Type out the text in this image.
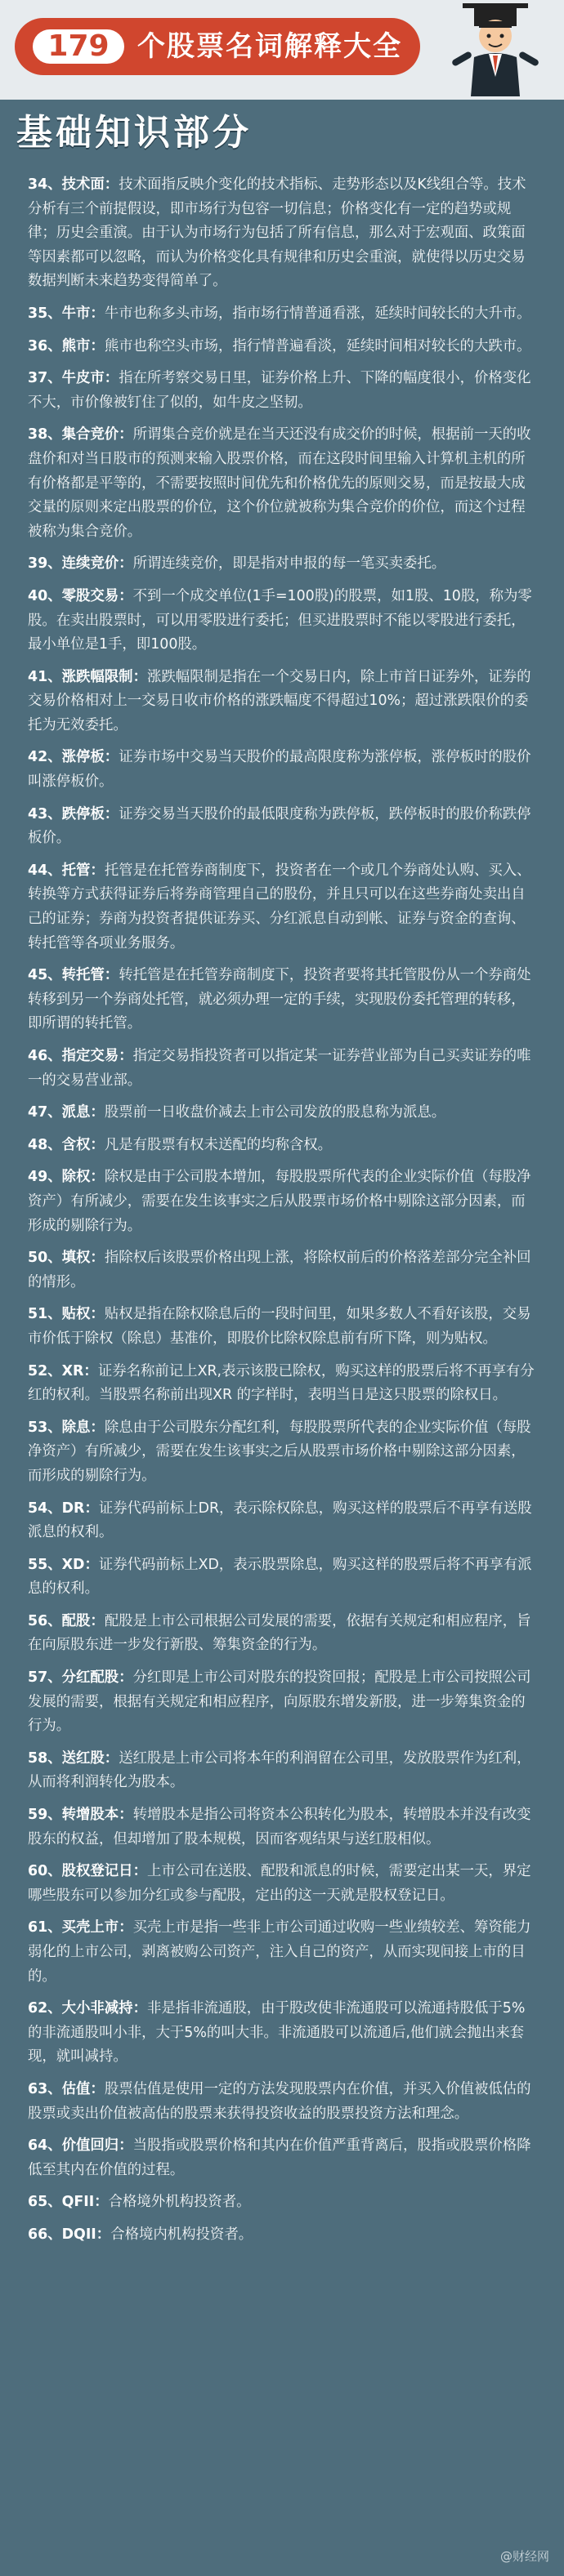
179	个股票名词解释大全
基础知识部分

34、技术面：技术面指反映介变化的技术指标、走势形态以及K线组合等。技术分析有三个前提假设，即市场行为包容一切信息；价格变化有一定的趋势或规律；历史会重演。由于认为市场行为包括了所有信息，那么对于宏观面、政策面等因素都可以忽略，而认为价格变化具有规律和历史会重演，就使得以历史交易数据判断未来趋势变得简单了。

35、牛市：牛市也称多头市场，指市场行情普通看涨，延续时间较长的大升市。

36、熊市：熊市也称空头市场，指行情普遍看淡，延续时间相对较长的大跌市。

37、牛皮市：指在所考察交易日里，证券价格上升、下降的幅度很小，价格变化不大，市价像被钉住了似的，如牛皮之坚韧。

38、集合竞价：所谓集合竞价就是在当天还没有成交价的时候，根据前一天的收盘价和对当日股市的预测来输入股票价格，而在这段时间里输入计算机主机的所有价格都是平等的，不需要按照时间优先和价格优先的原则交易，而是按最大成交量的原则来定出股票的价位，这个价位就被称为集合竞价的价位，而这个过程被称为集合竞价。

39、连续竞价：所谓连续竞价，即是指对申报的每一笔买卖委托。

40、零股交易：不到一个成交单位(1手=100股)的股票，如1股、10股，称为零股。在卖出股票时，可以用零股进行委托；但买进股票时不能以零股进行委托，最小单位是1手，即100股。

41、涨跌幅限制：涨跌幅限制是指在一个交易日内，除上市首日证券外，证券的交易价格相对上一交易日收市价格的涨跌幅度不得超过10%；超过涨跌限价的委托为无效委托。

42、涨停板：证券市场中交易当天股价的最高限度称为涨停板，涨停板时的股价叫涨停板价。

43、跌停板：证券交易当天股价的最低限度称为跌停板，跌停板时的股价称跌停板价。

44、托管：托管是在托管券商制度下，投资者在一个或几个券商处认购、买入、转换等方式获得证券后将券商管理自己的股份，并且只可以在这些券商处卖出自己的证券；券商为投资者提供证券买、分红派息自动到帐、证券与资金的查询、转托管等各项业务服务。

45、转托管：转托管是在托管券商制度下，投资者要将其托管股份从一个券商处转移到另一个券商处托管，就必须办理一定的手续，实现股份委托管理的转移，即所谓的转托管。

46、指定交易：指定交易指投资者可以指定某一证券营业部为自己买卖证券的唯一的交易营业部。

47、派息：股票前一日收盘价减去上市公司发放的股息称为派息。

48、含权：凡是有股票有权未送配的均称含权。

49、除权：除权是由于公司股本增加，每股股票所代表的企业实际价值（每股净资产）有所减少，需要在发生该事实之后从股票市场价格中剔除这部分因素，而形成的剔除行为。

50、填权：指除权后该股票价格出现上涨，将除权前后的价格落差部分完全补回的情形。

51、贴权：贴权是指在除权除息后的一段时间里，如果多数人不看好该股，交易市价低于除权（除息）基准价，即股价比除权除息前有所下降，则为贴权。

52、XR：证券名称前记上XR,表示该股已除权，购买这样的股票后将不再享有分红的权利。当股票名称前出现XR 的字样时，表明当日是这只股票的除权日。

53、除息：除息由于公司股东分配红利，每股股票所代表的企业实际价值（每股净资产）有所减少，需要在发生该事实之后从股票市场价格中剔除这部分因素，而形成的剔除行为。

54、DR：证券代码前标上DR，表示除权除息，购买这样的股票后不再享有送股派息的权利。

55、XD：证券代码前标上XD，表示股票除息，购买这样的股票后将不再享有派息的权利。

56、配股：配股是上市公司根据公司发展的需要，依据有关规定和相应程序，旨在向原股东进一步发行新股、筹集资金的行为。

57、分红配股：分红即是上市公司对股东的投资回报；配股是上市公司按照公司发展的需要，根据有关规定和相应程序，向原股东增发新股，进一步筹集资金的行为。

58、送红股：送红股是上市公司将本年的利润留在公司里，发放股票作为红利，从而将利润转化为股本。

59、转增股本：转增股本是指公司将资本公积转化为股本，转增股本并没有改变股东的权益，但却增加了股本规模，因而客观结果与送红股相似。

60、股权登记日：上市公司在送股、配股和派息的时候，需要定出某一天，界定哪些股东可以参加分红或参与配股，定出的这一天就是股权登记日。

61、买壳上市：买壳上市是指一些非上市公司通过收购一些业绩较差、筹资能力弱化的上市公司，剥离被购公司资产，注入自己的资产，从而实现间接上市的目的。

62、大小非减持：非是指非流通股，由于股改使非流通股可以流通持股低于5%的非流通股叫小非，大于5%的叫大非。非流通股可以流通后,他们就会抛出来套现，就叫减持。

63、估值：股票估值是使用一定的方法发现股票内在价值，并买入价值被低估的股票或卖出价值被高估的股票来获得投资收益的股票投资方法和理念。

64、价值回归：当股指或股票价格和其内在价值严重背离后，股指或股票价格降低至其内在价值的过程。

65、QFII：合格境外机构投资者。

66、DQII：合格境内机构投资者。

@财经网
